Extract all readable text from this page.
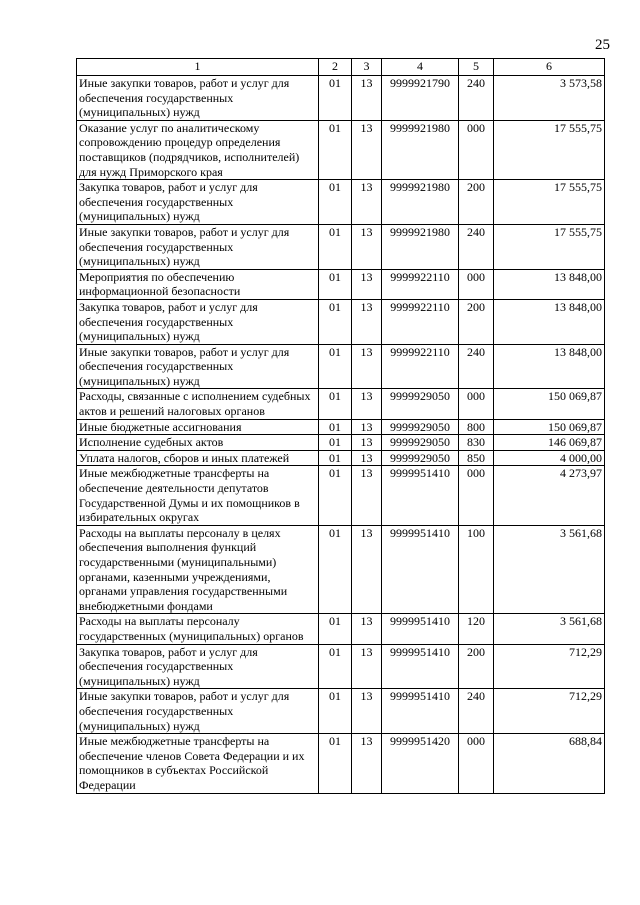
25
1	2	3	4	5	6
Иные закупки товаров, работ и услуг для обеспечения государственных (муниципальных) нужд	01	13	9999921790	240	3 573,58
Оказание услуг по аналитическому сопровождению процедур определения поставщиков (подрядчиков, исполнителей) для нужд Приморского края	01	13	9999921980	000	17 555,75
Закупка товаров, работ и услуг для обеспечения государственных (муниципальных) нужд	01	13	9999921980	200	17 555,75
Иные закупки товаров, работ и услуг для обеспечения государственных (муниципальных) нужд	01	13	9999921980	240	17 555,75
Мероприятия по обеспечению информационной безопасности	01	13	9999922110	000	13 848,00
Закупка товаров, работ и услуг для обеспечения государственных (муниципальных) нужд	01	13	9999922110	200	13 848,00
Иные закупки товаров, работ и услуг для обеспечения государственных (муниципальных) нужд	01	13	9999922110	240	13 848,00
Расходы, связанные с исполнением судебных актов и решений налоговых органов	01	13	9999929050	000	150 069,87
Иные бюджетные ассигнования	01	13	9999929050	800	150 069,87
Исполнение судебных актов	01	13	9999929050	830	146 069,87
Уплата налогов, сборов и иных платежей	01	13	9999929050	850	4 000,00
Иные межбюджетные трансферты на обеспечение деятельности депутатов Государственной Думы и их помощников в избирательных округах	01	13	9999951410	000	4 273,97
Расходы на выплаты персоналу в целях обеспечения выполнения функций государственными (муниципальными) органами, казенными учреждениями, органами управления государственными внебюджетными фондами	01	13	9999951410	100	3 561,68
Расходы на выплаты персоналу государственных (муниципальных) органов	01	13	9999951410	120	3 561,68
Закупка товаров, работ и услуг для обеспечения государственных (муниципальных) нужд	01	13	9999951410	200	712,29
Иные закупки товаров, работ и услуг для обеспечения государственных (муниципальных) нужд	01	13	9999951410	240	712,29
Иные межбюджетные трансферты на обеспечение членов Совета Федерации и их помощников в субъектах Российской Федерации	01	13	9999951420	000	688,84
